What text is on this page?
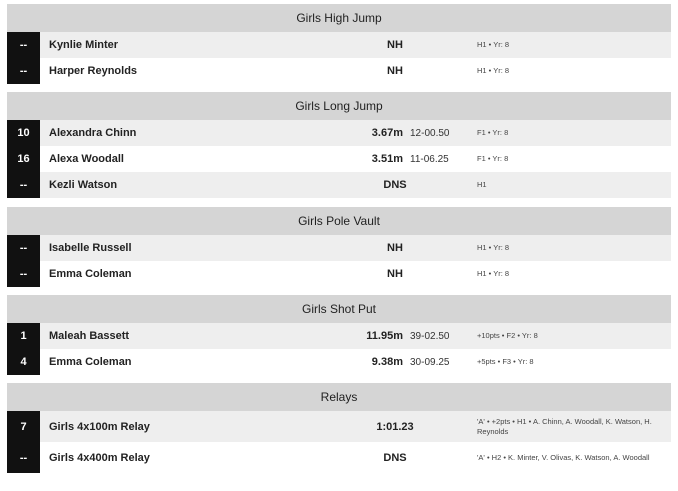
Girls High Jump
--	Kynlie Minter	NH	H1 • Yr: 8
--	Harper Reynolds	NH	H1 • Yr: 8
Girls Long Jump
10	Alexandra Chinn	3.67m 12-00.50	F1 • Yr: 8
16	Alexa Woodall	3.51m 11-06.25	F1 • Yr: 8
--	Kezli Watson	DNS	H1
Girls Pole Vault
--	Isabelle Russell	NH	H1 • Yr: 8
--	Emma Coleman	NH	H1 • Yr: 8
Girls Shot Put
1	Maleah Bassett	11.95m 39-02.50	+10pts • F2 • Yr: 8
4	Emma Coleman	9.38m 30-09.25	+5pts • F3 • Yr: 8
Relays
7	Girls 4x100m Relay	1:01.23	'A' • +2pts • H1 • A. Chinn, A. Woodall, K. Watson, H. Reynolds
--	Girls 4x400m Relay	DNS	'A' • H2 • K. Minter, V. Olivas, K. Watson, A. Woodall
